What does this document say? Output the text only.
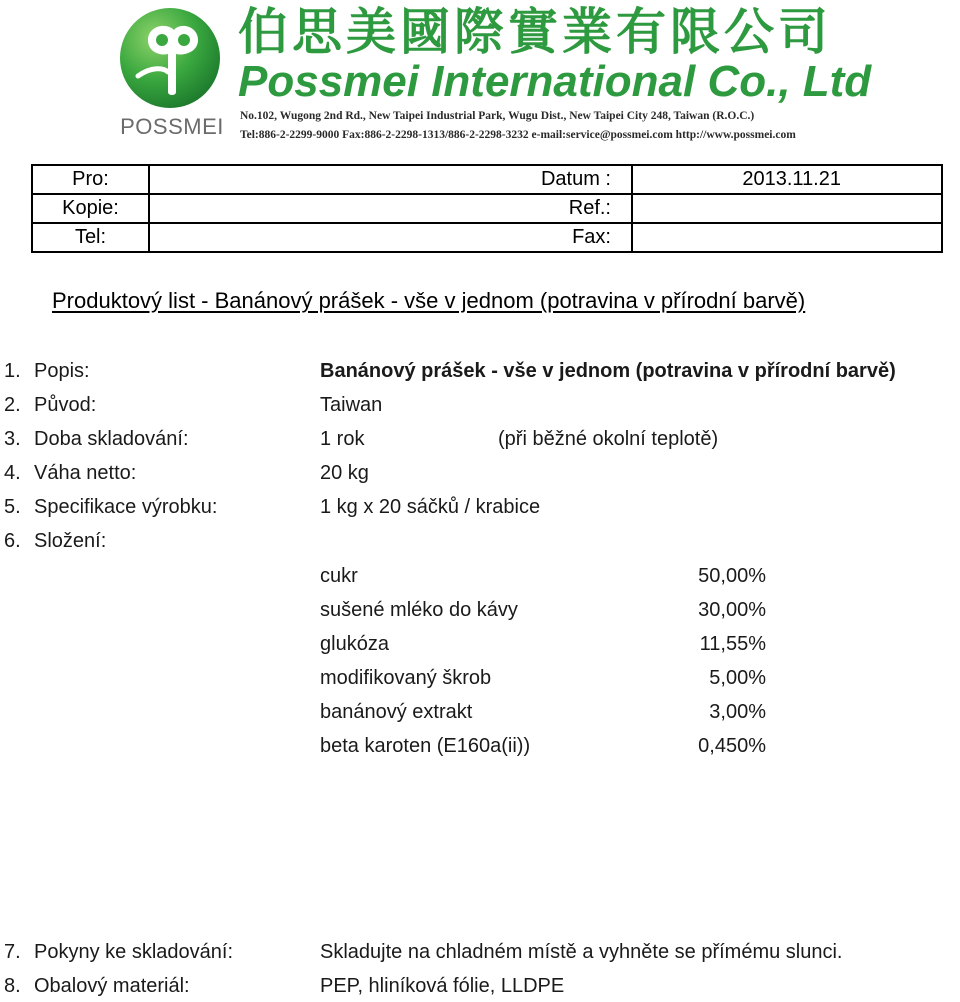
POSSMEI
伯思美國際實業有限公司
Possmei International Co., Ltd
No.102, Wugong 2nd Rd., New Taipei Industrial Park, Wugu Dist., New Taipei City 248, Taiwan (R.O.C.)
Tel:886-2-2299-9000 Fax:886-2-2298-1313/886-2-2298-3232 e-mail:service@possmei.com http://www.possmei.com
Pro:	Datum :	2013.11.21
Kopie:	Ref.:	
Tel:	Fax:	
Produktový list - Banánový prášek - vše v jednom (potravina v přírodní barvě)
1. Popis:	Banánový prášek - vše v jednom (potravina v přírodní barvě)
2. Původ:	Taiwan
3. Doba skladování:	1 rok	(při běžné okolní teplotě)
4. Váha netto:	20 kg
5. Specifikace výrobku:	1 kg x 20 sáčků / krabice
6. Složení:
cukr	50,00%
sušené mléko do kávy	30,00%
glukóza	11,55%
modifikovaný škrob	5,00%
banánový extrakt	3,00%
beta karoten (E160a(ii))	0,450%
7. Pokyny ke skladování:	Skladujte na chladném místě a vyhněte se přímému slunci.
8. Obalový materiál:	PEP, hliníková fólie, LLDPE
